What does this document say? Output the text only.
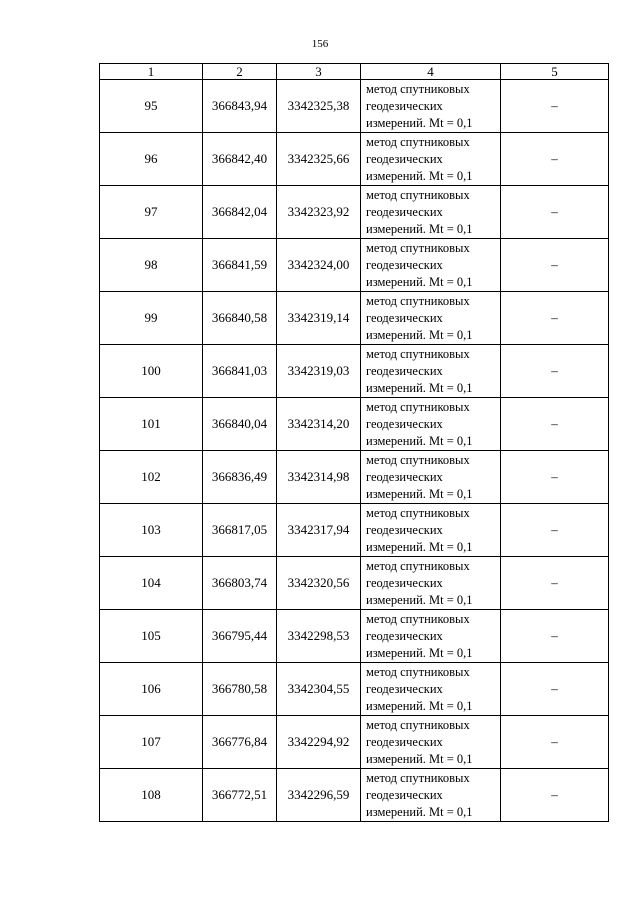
156
1	2	3	4	5
95	366843,94	3342325,38	метод спутниковых
геодезических
измерений. Mt = 0,1	–
96	366842,40	3342325,66	метод спутниковых
геодезических
измерений. Mt = 0,1	–
97	366842,04	3342323,92	метод спутниковых
геодезических
измерений. Mt = 0,1	–
98	366841,59	3342324,00	метод спутниковых
геодезических
измерений. Mt = 0,1	–
99	366840,58	3342319,14	метод спутниковых
геодезических
измерений. Mt = 0,1	–
100	366841,03	3342319,03	метод спутниковых
геодезических
измерений. Mt = 0,1	–
101	366840,04	3342314,20	метод спутниковых
геодезических
измерений. Mt = 0,1	–
102	366836,49	3342314,98	метод спутниковых
геодезических
измерений. Mt = 0,1	–
103	366817,05	3342317,94	метод спутниковых
геодезических
измерений. Mt = 0,1	–
104	366803,74	3342320,56	метод спутниковых
геодезических
измерений. Mt = 0,1	–
105	366795,44	3342298,53	метод спутниковых
геодезических
измерений. Mt = 0,1	–
106	366780,58	3342304,55	метод спутниковых
геодезических
измерений. Mt = 0,1	–
107	366776,84	3342294,92	метод спутниковых
геодезических
измерений. Mt = 0,1	–
108	366772,51	3342296,59	метод спутниковых
геодезических
измерений. Mt = 0,1	–
